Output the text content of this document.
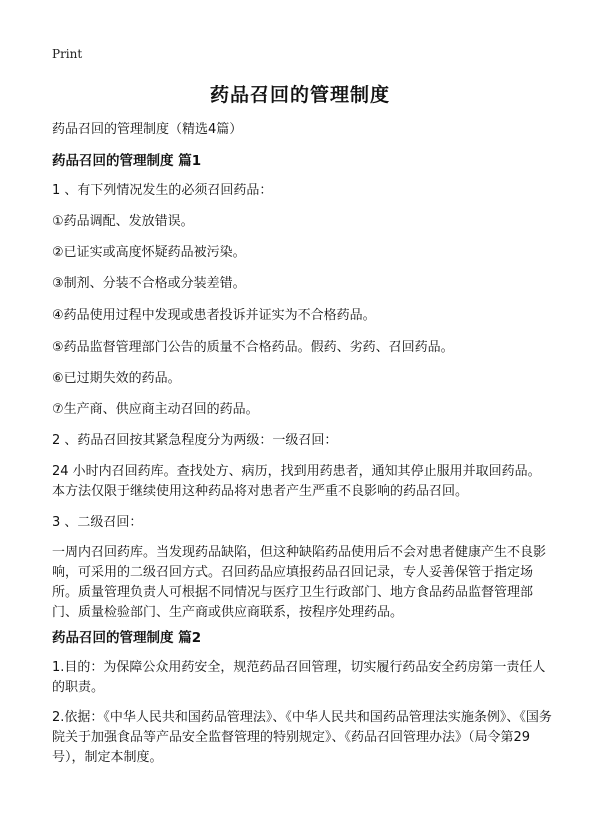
Print
药品召回的管理制度
药品召回的管理制度（精选4篇）
药品召回的管理制度 篇1
1 、有下列情况发生的必须召回药品：
①药品调配、发放错误。
②已证实或高度怀疑药品被污染。
③制剂、分装不合格或分装差错。
④药品使用过程中发现或患者投诉并证实为不合格药品。
⑤药品监督管理部门公告的质量不合格药品。假药、劣药、召回药品。
⑥已过期失效的药品。
⑦生产商、供应商主动召回的药品。
2 、药品召回按其紧急程度分为两级：一级召回：
24 小时内召回药库。查找处方、病历，找到用药患者，通知其停止服用并取回药品。本方法仅限于继续使用这种药品将对患者产生严重不良影响的药品召回。
3 、二级召回：
一周内召回药库。当发现药品缺陷，但这种缺陷药品使用后不会对患者健康产生不良影响，可采用的二级召回方式。召回药品应填报药品召回记录，专人妥善保管于指定场所。质量管理负责人可根据不同情况与医疗卫生行政部门、地方食品药品监督管理部门、质量检验部门、生产商或供应商联系，按程序处理药品。
药品召回的管理制度 篇2
1.目的：为保障公众用药安全，规范药品召回管理，切实履行药品安全药房第一责任人的职责。
2.依据：《中华人民共和国药品管理法》、《中华人民共和国药品管理法实施条例》、《国务院关于加强食品等产品安全监督管理的特别规定》、《药品召回管理办法》（局令第29号），制定本制度。
